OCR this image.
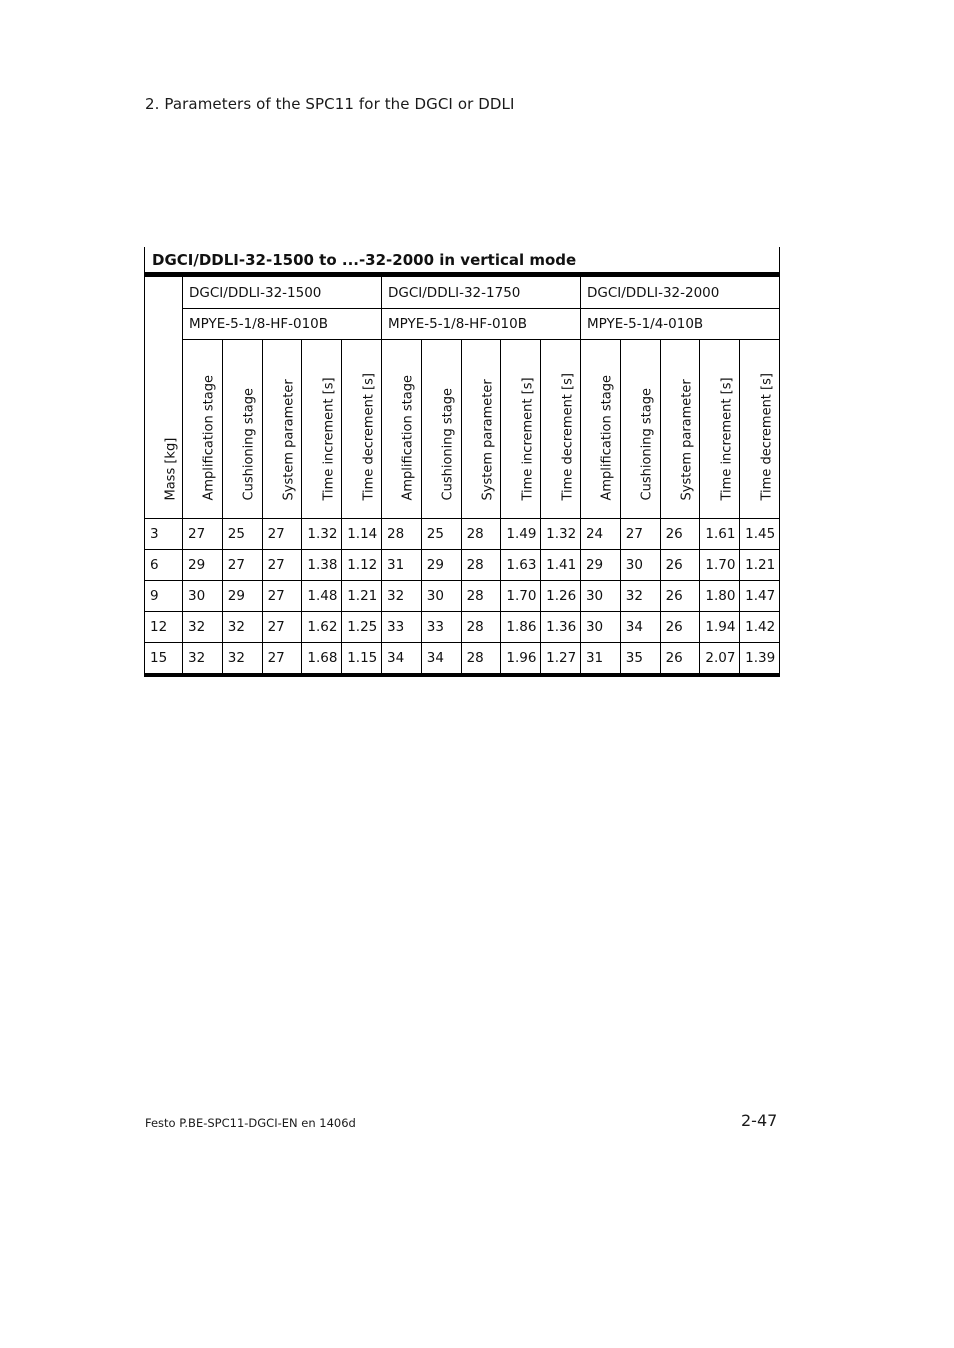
2. Parameters of the SPC11 for the DGCI or DDLI
DGCI/DDLI-32-1500 to ...-32-2000 in vertical mode
Mass [kg]	DGCI/DDLI-32-1500					DGCI/DDLI-32-1750					DGCI/DDLI-32-2000				
	MPYE-5-1/8-HF-010B					MPYE-5-1/8-HF-010B					MPYE-5-1/4-010B				

	Amplification stage	Cushioning stage	System parameter	Time increment [s]	Time decrement [s]	Amplification stage	Cushioning stage	System parameter	Time increment [s]	Time decrement [s]	Amplification stage	Cushioning stage	System parameter	Time increment [s]	Time decrement [s]

3	27	25	27	1.32	1.14	28	25	28	1.49	1.32	24	27	26	1.61	1.45
6	29	27	27	1.38	1.12	31	29	28	1.63	1.41	29	30	26	1.70	1.21
9	30	29	27	1.48	1.21	32	30	28	1.70	1.26	30	32	26	1.80	1.47
12	32	32	27	1.62	1.25	33	33	28	1.86	1.36	30	34	26	1.94	1.42
15	32	32	27	1.68	1.15	34	34	28	1.96	1.27	31	35	26	2.07	1.39
Festo P.BE-SPC11-DGCI-EN en 1406d	2-47
